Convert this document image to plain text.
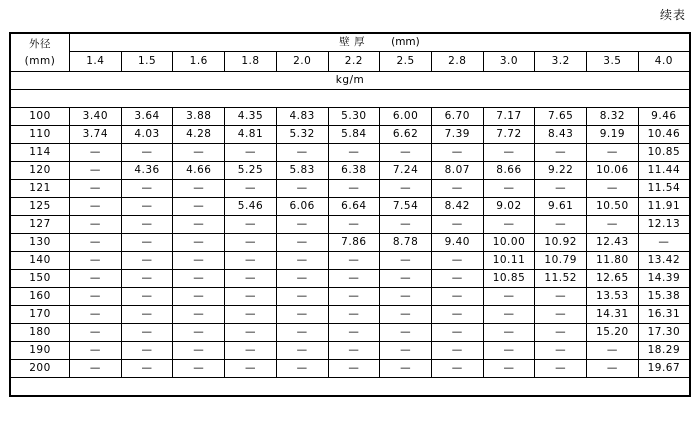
续表
外径
(mm)	壁 厚 (mm)											
	1.4	1.5	1.6	1.8	2.0	2.2	2.5	2.8	3.0	3.2	3.5	4.0
kg/m												

100	3.40	3.64	3.88	4.35	4.83	5.30	6.00	6.70	7.17	7.65	8.32	9.46
110	3.74	4.03	4.28	4.81	5.32	5.84	6.62	7.39	7.72	8.43	9.19	10.46
114	—	—	—	—	—	—	—	—	—	—	—	10.85
120	—	4.36	4.66	5.25	5.83	6.38	7.24	8.07	8.66	9.22	10.06	11.44
121	—	—	—	—	—	—	—	—	—	—	—	11.54
125	—	—	—	5.46	6.06	6.64	7.54	8.42	9.02	9.61	10.50	11.91
127	—	—	—	—	—	—	—	—	—	—	—	12.13
130	—	—	—	—	—	7.86	8.78	9.40	10.00	10.92	12.43	—
140	—	—	—	—	—	—	—	—	10.11	10.79	11.80	13.42
150	—	—	—	—	—	—	—	—	10.85	11.52	12.65	14.39
160	—	—	—	—	—	—	—	—	—	—	13.53	15.38
170	—	—	—	—	—	—	—	—	—	—	14.31	16.31
180	—	—	—	—	—	—	—	—	—	—	15.20	17.30
190	—	—	—	—	—	—	—	—	—	—	—	18.29
200	—	—	—	—	—	—	—	—	—	—	—	19.67
